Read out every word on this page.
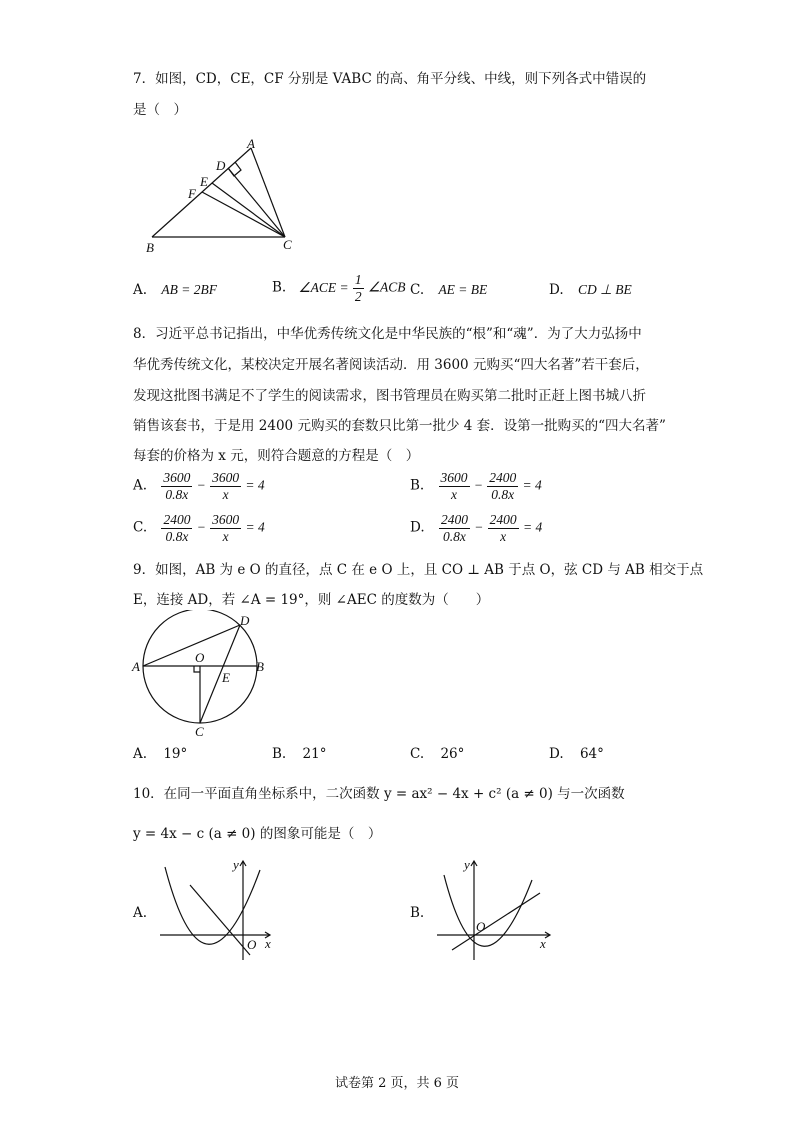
7．如图，CD，CE，CF 分别是 VABC 的高、角平分线、中线，则下列各式中错误的
是（　）
A
D
E
F
B	C
A. AB = 2BF	B. ∠ACE = $\frac{1}{2}$ ∠ACB C. AE = BE	D. CD ⊥ BE
8．习近平总书记指出，中华优秀传统文化是中华民族的“根”和“魂”．为了大力弘扬中
华优秀传统文化，某校决定开展名著阅读活动．用 3600 元购买“四大名著”若干套后，
发现这批图书满足不了学生的阅读需求，图书管理员在购买第二批时正赶上图书城八折
销售该套书，于是用 2400 元购买的套数只比第一批少 4 套．设第一批购买的“四大名著”
每套的价格为 x 元，则符合题意的方程是（　）
A. $\frac{3600}{0.8x} - \frac{3600}{x} = 4$	B. $\frac{3600}{x} - \frac{2400}{0.8x} = 4$
C. $\frac{2400}{0.8x} - \frac{3600}{x} = 4$	D. $\frac{2400}{0.8x} - \frac{2400}{x} = 4$
9．如图，AB 为 e O 的直径，点 C 在 e O 上，且 CO ⊥ AB 于点 O，弦 CD 与 AB 相交于点
E，连接 AD，若 ∠A = 19°，则 ∠AEC 的度数为（　　）
A	B
C
D
O
E
A. 19°	B. 21°	C. 26°	D. 64°
10．在同一平面直角坐标系中，二次函数 y = ax² − 4x + c² (a ≠ 0) 与一次函数
y = 4x − c (a ≠ 0) 的图象可能是（　）
A.
y
x
O
B.
y
x
O
试卷第 2 页，共 6 页
